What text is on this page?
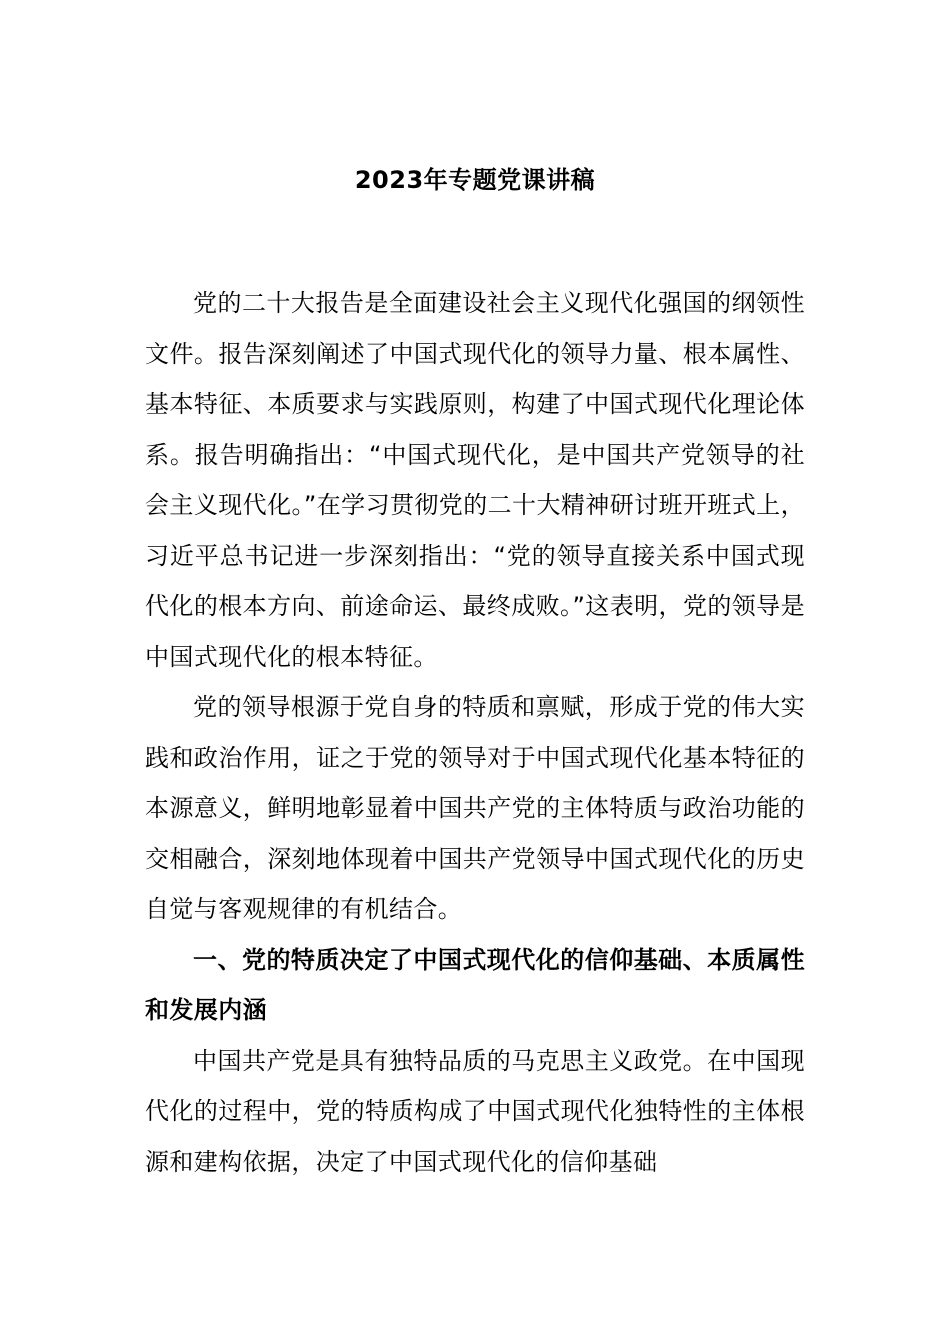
2023年专题党课讲稿

党的二十大报告是全面建设社会主义现代化强国的纲领性文件。报告深刻阐述了中国式现代化的领导力量、根本属性、基本特征、本质要求与实践原则，构建了中国式现代化理论体系。报告明确指出：“中国式现代化，是中国共产党领导的社会主义现代化。”在学习贯彻党的二十大精神研讨班开班式上，习近平总书记进一步深刻指出：“党的领导直接关系中国式现代化的根本方向、前途命运、最终成败。”这表明，党的领导是中国式现代化的根本特征。

党的领导根源于党自身的特质和禀赋，形成于党的伟大实践和政治作用，证之于党的领导对于中国式现代化基本特征的本源意义，鲜明地彰显着中国共产党的主体特质与政治功能的交相融合，深刻地体现着中国共产党领导中国式现代化的历史自觉与客观规律的有机结合。

一、党的特质决定了中国式现代化的信仰基础、本质属性和发展内涵

中国共产党是具有独特品质的马克思主义政党。在中国现代化的过程中，党的特质构成了中国式现代化独特性的主体根源和建构依据，决定了中国式现代化的信仰基础
